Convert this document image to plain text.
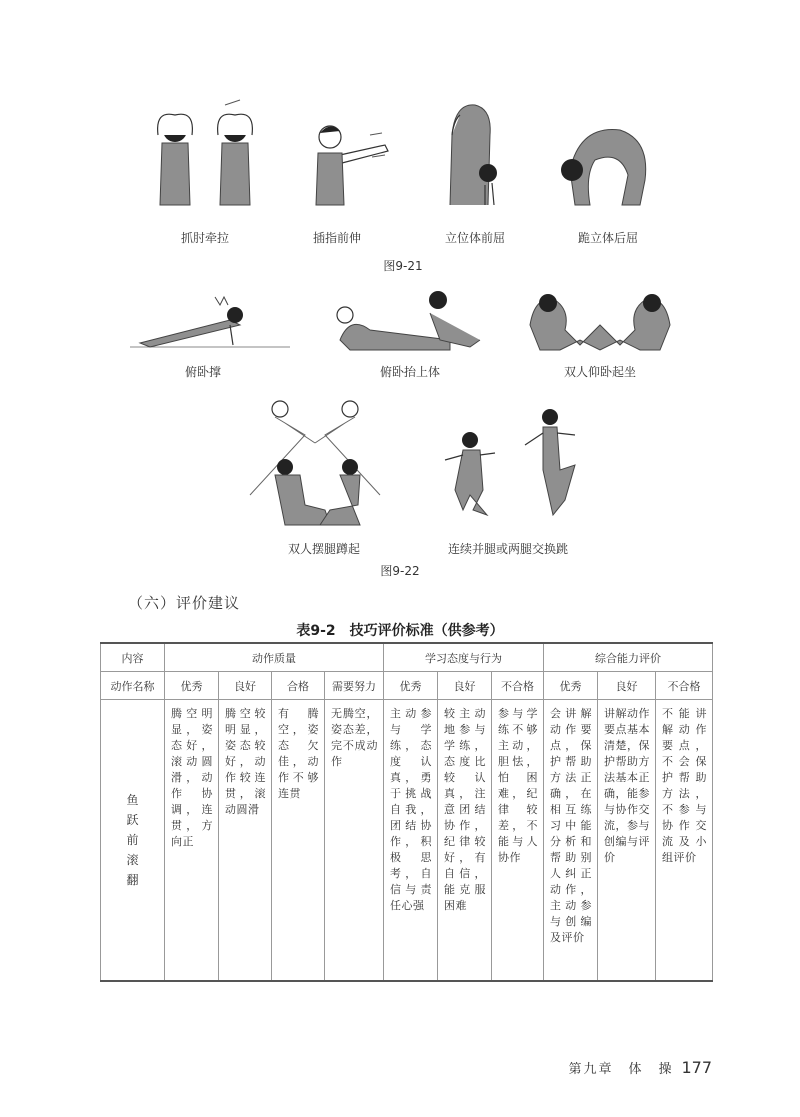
抓肘牵拉	插指前伸	立位体前屈	跪立体后屈
图9-21
俯卧撑	俯卧抬上体	双人仰卧起坐
双人摆腿蹲起	连续并腿或两腿交换跳
图9-22
（六）评价建议
表9-2　技巧评价标准（供参考）
内容	动作质量				学习态度与行为			综合能力评价		
动作名称	优秀	良好	合格	需要努力	优秀	良好	不合格	优秀	良好	不合格

鱼跃前滚翻	腾空明显，姿态好，滚动圆滑，动作协调，连贯，方向正	腾空较明显，姿态较好，动作较连贯，滚动圆滑	有腾空，姿态欠佳，动作不够连贯	无腾空，姿态差，完不成动作	主动参与学练，态度认真，勇于挑战自我，团结协作，积极思考，自信与责任心强	较主动地参与学练，态度比较认真，注意团结协作，纪律较好，有自信，能克服困难	参与学练不够主动，胆怯，怕困难，纪律较差，不能与人协作	会讲解动作要点，保护帮助方法正确，在相互练习中能分析和帮助别人纠正动作，主动参与创编及评价	讲解动作要点基本清楚，保护帮助方法基本正确，能参与协作交流，参与创编与评价	不能讲解动作要点，不会保护帮助方法，不参与协作交流及小组评价
第九章　体　操 177
